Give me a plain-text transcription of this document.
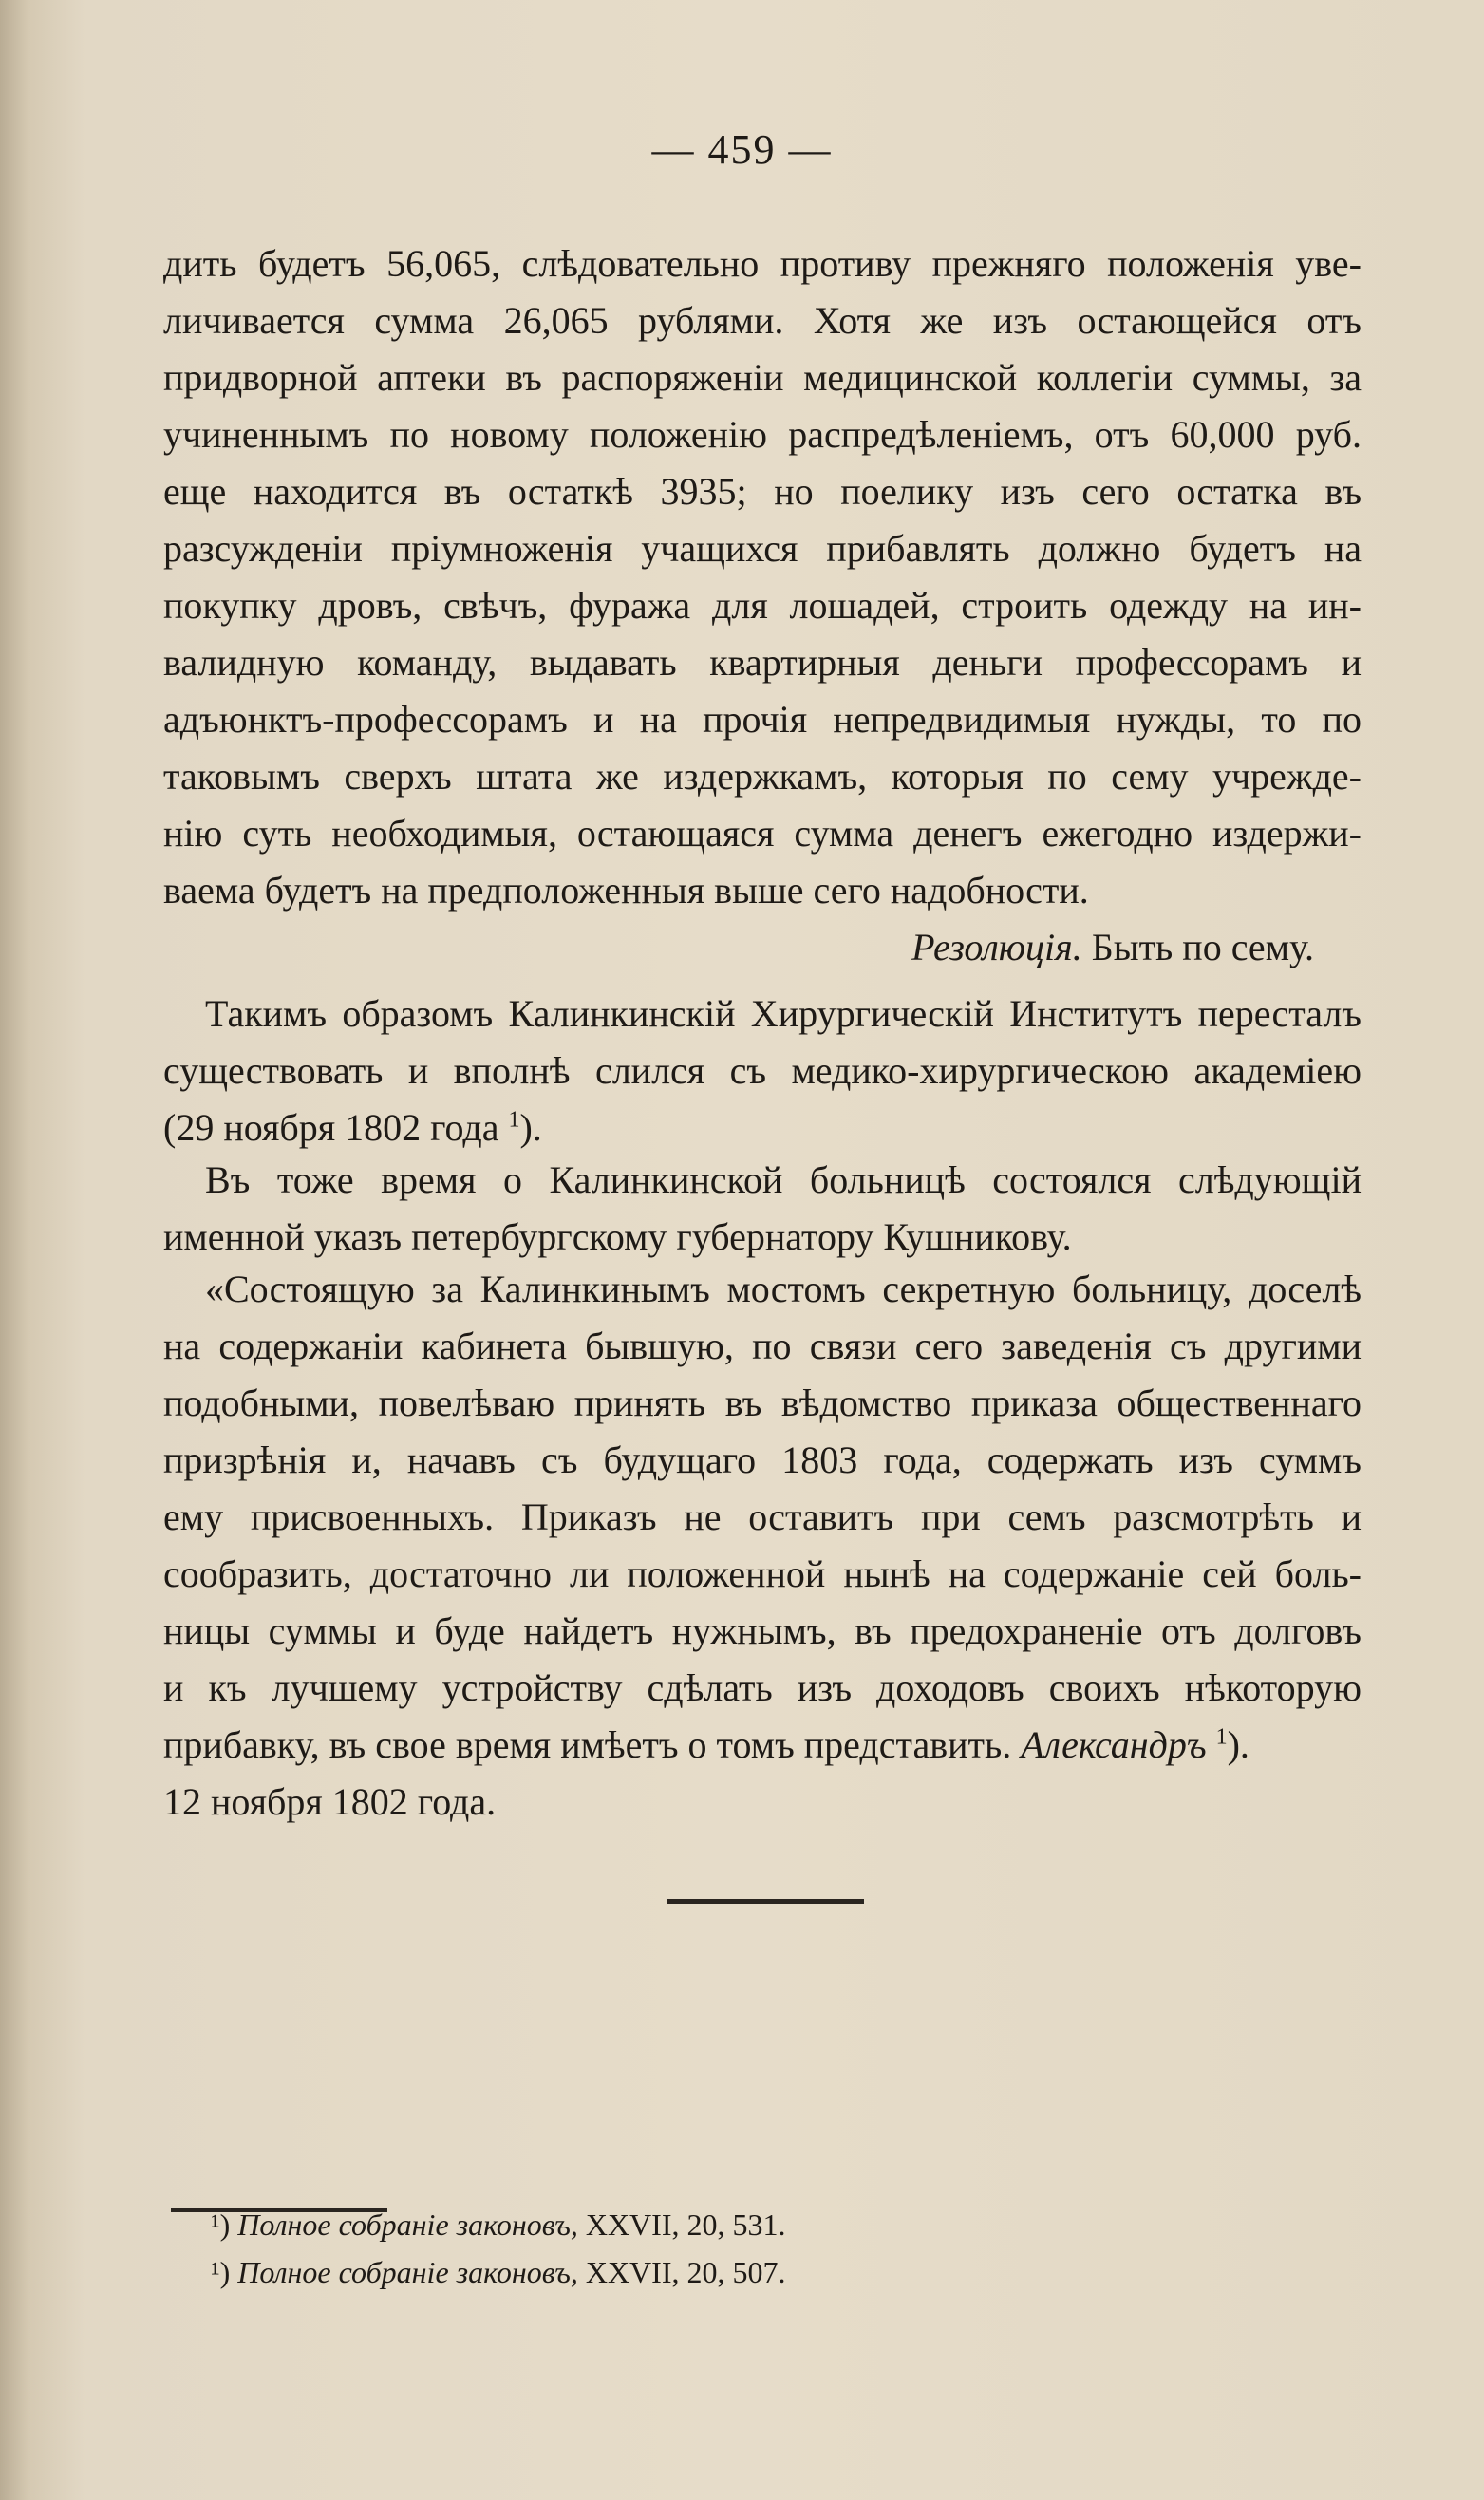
— 459 —
дить будетъ 56,065, слѣдовательно противу прежняго положенія уве-
личивается сумма 26,065 рублями. Хотя же изъ остающейся отъ
придворной аптеки въ распоряженіи медицинской коллегіи суммы, за
учиненнымъ по новому положенію распредѣленіемъ, отъ 60,000 руб.
еще находится въ остаткѣ 3935; но поелику изъ сего остатка въ
разсужденіи пріумноженія учащихся прибавлять должно будетъ на
покупку дровъ, свѣчъ, фуража для лошадей, строить одежду на ин-
валидную команду, выдавать квартирныя деньги профессорамъ и
адъюнктъ-профессорамъ и на прочія непредвидимыя нужды, то по
таковымъ сверхъ штата же издержкамъ, которыя по сему учрежде-
нію суть необходимыя, остающаяся сумма денегъ ежегодно издержи-
ваема будетъ на предположенныя выше сего надобности.
Резолюція. Быть по сему.
Такимъ образомъ Калинкинскій Хирургическій Институтъ пересталъ
существовать и вполнѣ слился съ медико-хирургическою академіею
(29 ноября 1802 года $^1$).
Въ тоже время о Калинкинской больницѣ состоялся слѣдующій
именной указъ петербургскому губернатору Кушникову.
«Состоящую за Калинкинымъ мостомъ секретную больницу, доселѣ
на содержаніи кабинета бывшую, по связи сего заведенія съ другими
подобными, повелѣваю принять въ вѣдомство приказа общественнаго
призрѣнія и, начавъ съ будущаго 1803 года, содержать изъ суммъ
ему присвоенныхъ. Приказъ не оставитъ при семъ разсмотрѣть и
сообразить, достаточно ли положенной нынѣ на содержаніе сей боль-
ницы суммы и буде найдетъ нужнымъ, въ предохраненіе отъ долговъ
и къ лучшему устройству сдѣлать изъ доходовъ своихъ нѣкоторую
прибавку, въ свое время имѣетъ о томъ представить. Александръ $^1$).
12 ноября 1802 года.
¹) Полное собраніе законовъ, XXVII, 20, 531.
¹) Полное собраніе законовъ, XXVII, 20, 507.
